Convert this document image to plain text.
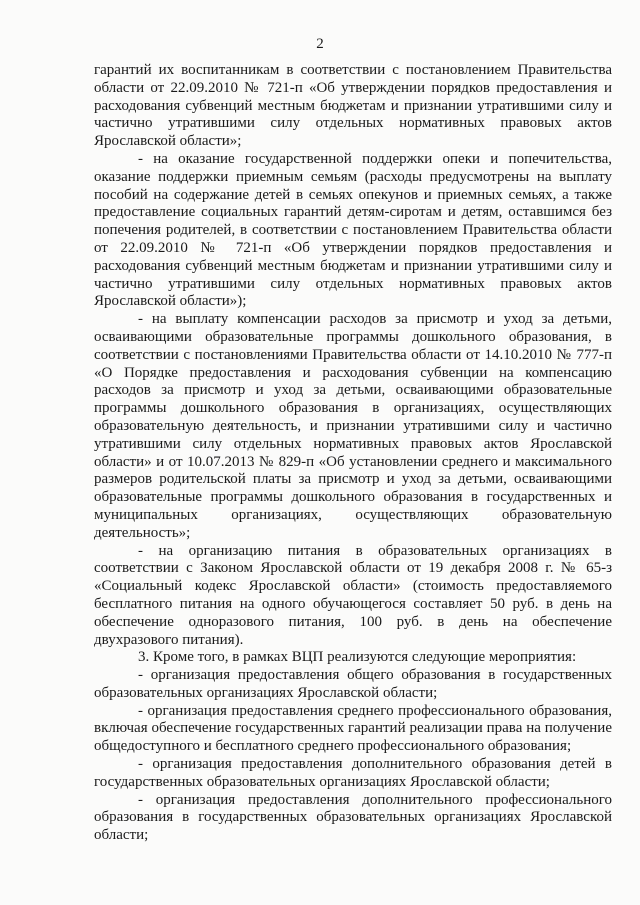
2

гарантий их воспитанникам в соответствии с постановлением Правительства области от 22.09.2010 № 721-п «Об утверждении порядков предоставления и расходования субвенций местным бюджетам и признании утратившими силу и частично утратившими силу отдельных нормативных правовых актов Ярославской области»;

- на оказание государственной поддержки опеки и попечительства, оказание поддержки приемным семьям (расходы предусмотрены на выплату пособий на содержание детей в семьях опекунов и приемных семьях, а также предоставление социальных гарантий детям-сиротам и детям, оставшимся без попечения родителей, в соответствии с постановлением Правительства области от 22.09.2010 № 721-п «Об утверждении порядков предоставления и расходования субвенций местным бюджетам и признании утратившими силу и частично утратившими силу отдельных нормативных правовых актов Ярославской области»);

- на выплату компенсации расходов за присмотр и уход за детьми, осваивающими образовательные программы дошкольного образования, в соответствии с постановлениями Правительства области от 14.10.2010 № 777-п «О Порядке предоставления и расходования субвенции на компенсацию расходов за присмотр и уход за детьми, осваивающими образовательные программы дошкольного образования в организациях, осуществляющих образовательную деятельность, и признании утратившими силу и частично утратившими силу отдельных нормативных правовых актов Ярославской области» и от 10.07.2013 № 829-п «Об установлении среднего и максимального размеров родительской платы за присмотр и уход за детьми, осваивающими образовательные программы дошкольного образования в государственных и муниципальных организациях, осуществляющих образовательную деятельность»;

- на организацию питания в образовательных организациях в соответствии с Законом Ярославской области от 19 декабря 2008 г. № 65-з «Социальный кодекс Ярославской области» (стоимость предоставляемого бесплатного питания на одного обучающегося составляет 50 руб. в день на обеспечение одноразового питания, 100 руб. в день на обеспечение двухразового питания).

3. Кроме того, в рамках ВЦП реализуются следующие мероприятия:

- организация предоставления общего образования в государственных образовательных организациях Ярославской области;

- организация предоставления среднего профессионального образования, включая обеспечение государственных гарантий реализации права на получение общедоступного и бесплатного среднего профессионального образования;

- организация предоставления дополнительного образования детей в государственных образовательных организациях Ярославской области;

- организация предоставления дополнительного профессионального образования в государственных образовательных организациях Ярославской области;
